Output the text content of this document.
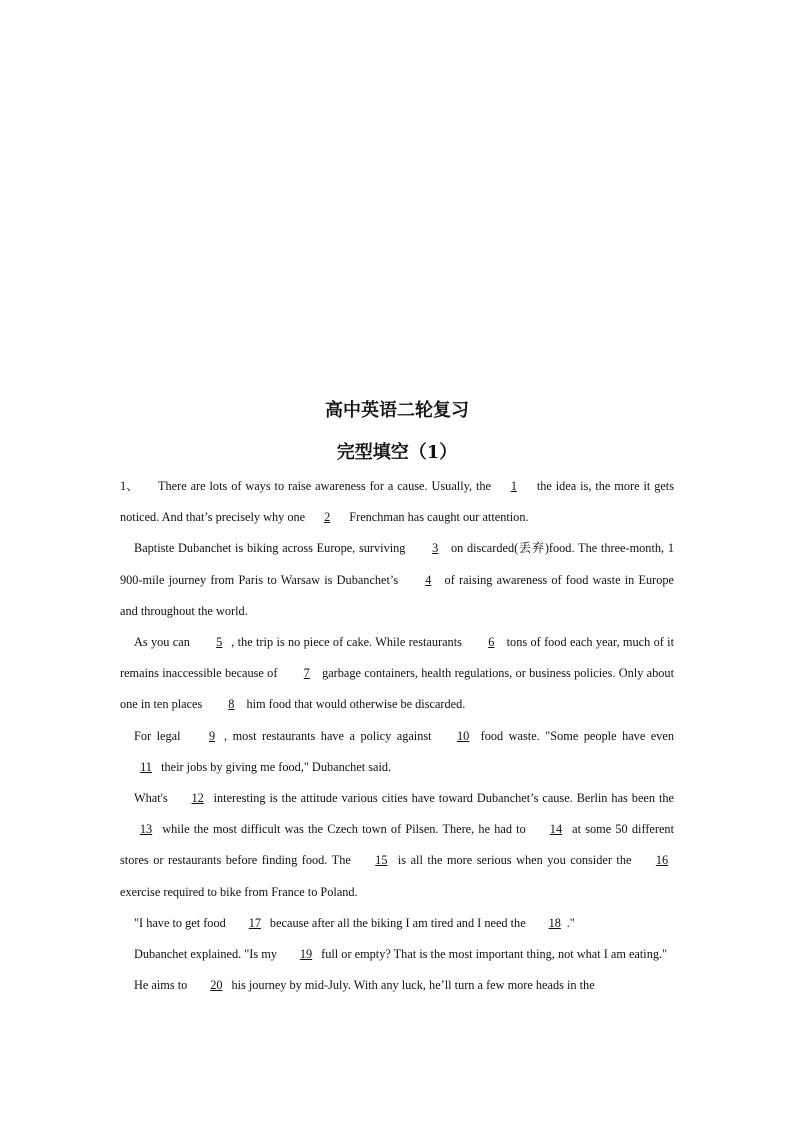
高中英语二轮复习
完型填空（1）

1、 There are lots of ways to raise awareness for a cause. Usually, the 1 the idea is, the more it gets noticed. And that’s precisely why one 2 Frenchman has caught our attention.

Baptiste Dubanchet is biking across Europe, surviving 3 on discarded(丢弃)food. The three-month, 1 900-mile journey from Paris to Warsaw is Dubanchet’s 4 of raising awareness of food waste in Europe and throughout the world.

As you can 5 , the trip is no piece of cake. While restaurants 6 tons of food each year, much of it remains inaccessible because of 7 garbage containers, health regulations, or business policies. Only about one in ten places 8 him food that would otherwise be discarded.

For legal 9 , most restaurants have a policy against 10 food waste. "Some people have even 11 their jobs by giving me food," Dubanchet said.

What's 12 interesting is the attitude various cities have toward Dubanchet’s cause. Berlin has been the 13 while the most difficult was the Czech town of Pilsen. There, he had to 14 at some 50 different stores or restaurants before finding food. The 15 is all the more serious when you consider the 16 exercise required to bike from France to Poland.

"I have to get food 17 because after all the biking I am tired and I need the 18 ."

Dubanchet explained. "Is my 19 full or empty? That is the most important thing, not what I am eating."

He aims to 20 his journey by mid-July. With any luck, he’ll turn a few more heads in the
